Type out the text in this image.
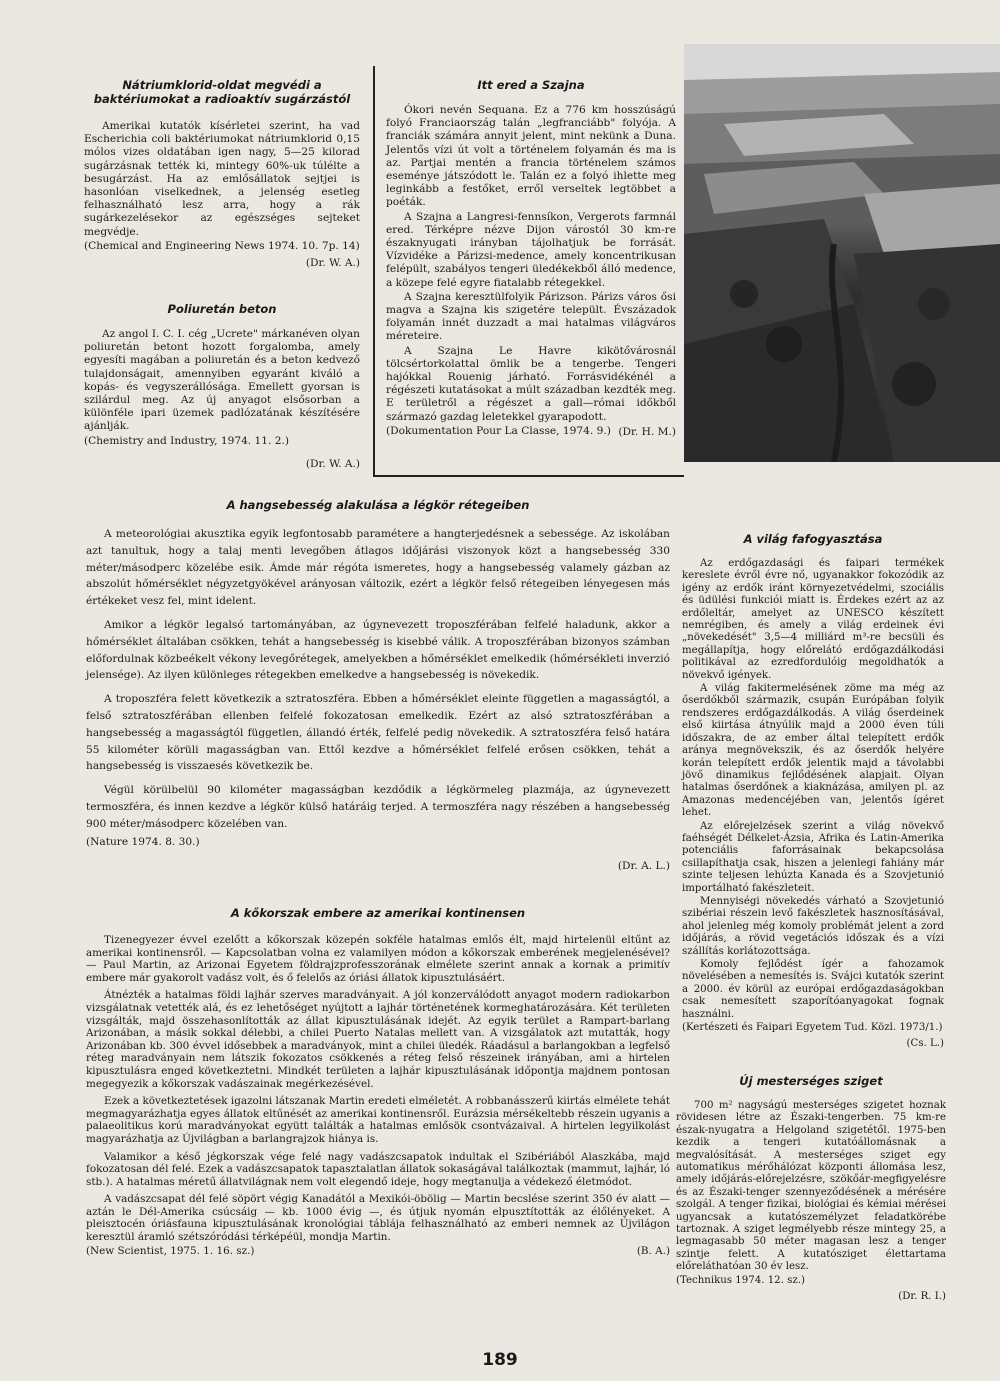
Nátriumklorid-oldat megvédi a baktériumokat a radioaktív sugárzástól

Amerikai kutatók kísérletei szerint, ha vad Escherichia coli baktériumokat nátriumklorid 0,15 mólos vizes oldatában igen nagy, 5—25 kilorad sugárzásnak tették ki, mintegy 60%-uk túlélte a besugárzást. Ha az emlősállatok sejtjei is hasonlóan viselkednek, a jelenség esetleg felhasználható lesz arra, hogy a rák sugárkezelésekor az egészséges sejteket megvédje.

(Chemical and Engineering News 1974. 10. 7p. 14)

(Dr. W. A.)
Poliuretán beton

Az angol I. C. I. cég „Ucrete" márkanéven olyan poliuretán betont hozott forgalomba, amely egyesíti magában a poliuretán és a beton kedvező tulajdonságait, amennyiben egyaránt kiváló a kopás- és vegyszerállósága. Emellett gyorsan is szilárdul meg. Az új anyagot elsősorban a különféle ipari üzemek padlózatának készítésére ajánlják.

(Chemistry and Industry, 1974. 11. 2.)

(Dr. W. A.)
Itt ered a Szajna

Ókori nevén Sequana. Ez a 776 km hosszúságú folyó Franciaország talán „legfranciább" folyója. A franciák számára annyit jelent, mint nekünk a Duna. Jelentős vízi út volt a történelem folyamán és ma is az. Partjai mentén a francia történelem számos eseménye játszódott le. Talán ez a folyó ihlette meg leginkább a festőket, erről verseltek legtöbbet a poéták.

A Szajna a Langresi-fennsíkon, Vergerots farmnál ered. Térképre nézve Dijon várostól 30 km-re északnyugati irányban tájolhatjuk be forrását. Vízvidéke a Párizsi-medence, amely koncentrikusan felépült, szabályos tengeri üledékekből álló medence, a közepe felé egyre fiatalabb rétegekkel.

A Szajna keresztülfolyik Párizson. Párizs város ősi magva a Szajna kis szigetére települt. Évszázadok folyamán innét duzzadt a mai hatalmas világváros méreteire.

A Szajna Le Havre kikötővárosnál tölcsértorkolattal ömlik be a tengerbe. Tengeri hajókkal Rouenig járható. Forrásvidékénél a régészeti kutatásokat a múlt században kezdték meg. E területről a régészet a gall—római időkből származó gazdag leletekkel gyarapodott.

(Dokumentation Pour La Classe, 1974. 9.) (Dr. H. M.)
A hangsebesség alakulása a légkör rétegeiben

A meteorológiai akusztika egyik legfontosabb paramétere a hangterjedésnek a sebessége. Az iskolában azt tanultuk, hogy a talaj menti levegőben átlagos időjárási viszonyok közt a hangsebesség 330 méter/másodperc közelébe esik. Ámde már régóta ismeretes, hogy a hangsebesség valamely gázban az abszolút hőmérséklet négyzetgyökével arányosan változik, ezért a légkör felső rétegeiben lényegesen más értékeket vesz fel, mint idelent.

Amikor a légkör legalsó tartományában, az úgynevezett troposzférában felfelé haladunk, akkor a hőmérséklet általában csökken, tehát a hangsebesség is kisebbé válik. A troposzférában bizonyos számban előfordulnak közbeékelt vékony levegőrétegek, amelyekben a hőmérséklet emelkedik (hőmérsékleti inverzió jelensége). Az ilyen különleges rétegekben emelkedve a hangsebesség is növekedik.

A troposzféra felett következik a sztratoszféra. Ebben a hőmérséklet eleinte független a magasságtól, a felső sztratoszférában ellenben felfelé fokozatosan emelkedik. Ezért az alsó sztratoszférában a hangsebesség a magasságtól független, állandó érték, felfelé pedig növekedik. A sztratoszféra felső határa 55 kilométer körüli magasságban van. Ettől kezdve a hőmérséklet felfelé erősen csökken, tehát a hangsebesség is visszaesés következik be.

Végül körülbelül 90 kilométer magasságban kezdődik a légkörmeleg plazmája, az úgynevezett termoszféra, és innen kezdve a légkör külső határáig terjed. A termoszféra nagy részében a hangsebesség 900 méter/másodperc közelében van.

(Nature 1974. 8. 30.)

(Dr. A. L.)
A kőkorszak embere az amerikai kontinensen

Tizenegyezer évvel ezelőtt a kőkorszak közepén sokféle hatalmas emlős élt, majd hirtelenül eltűnt az amerikai kontinensről. — Kapcsolatban volna ez valamilyen módon a kőkorszak emberének megjelenésével? — Paul Martin, az Arizonai Egyetem földrajzprofesszorának elmélete szerint annak a kornak a primitív embere már gyakorolt vadász volt, és ő felelős az óriási állatok kipusztulásáért.

Átnézték a hatalmas földi lajhár szerves maradványait. A jól konzerválódott anyagot modern radiokarbon vizsgálatnak vetették alá, és ez lehetőséget nyújtott a lajhár történetének kormeghatározására. Két területen vizsgálták, majd összehasonlították az állat kipusztulásának idejét. Az egyik terület a Rampart-barlang Arizonában, a másik sokkal délebbi, a chilei Puerto Natalas mellett van. A vizsgálatok azt mutatták, hogy Arizonában kb. 300 évvel idősebbek a maradványok, mint a chilei üledék. Ráadásul a barlangokban a legfelső réteg maradványain nem látszik fokozatos csökkenés a réteg felső részeinek irányában, ami a hirtelen kipusztulásra enged következtetni. Mindkét területen a lajhár kipusztulásának időpontja majdnem pontosan megegyezik a kőkorszak vadászainak megérkezésével.

Ezek a következtetések igazolni látszanak Martin eredeti elméletét. A robbanásszerű kiirtás elmélete tehát megmagyarázhatja egyes állatok eltűnését az amerikai kontinensről. Eurázsia mérsékeltebb részein ugyanis a palaeolitikus korú maradványokat együtt találták a hatalmas emlősök csontvázaival. A hirtelen legyilkolást magyarázhatja az Újvilágban a barlangrajzok hiánya is.

Valamikor a késő jégkorszak vége felé nagy vadászcsapatok indultak el Szibériából Alaszkába, majd fokozatosan dél felé. Ezek a vadászcsapatok tapasztalatlan állatok sokaságával találkoztak (mammut, lajhár, ló stb.). A hatalmas méretű állatvilágnak nem volt elegendő ideje, hogy megtanulja a védekező életmódot.

A vadászcsapat dél felé söpört végig Kanadától a Mexikói-öbölig — Martin becslése szerint 350 év alatt — aztán le Dél-Amerika csúcsáig — kb. 1000 évig —, és útjuk nyomán elpusztították az élőlényeket. A pleisztocén óriásfauna kipusztulásának kronológiai táblája felhasználható az emberi nemnek az Újvilágon keresztül áramló szétszóródási térképéül, mondja Martin.

(New Scientist, 1975. 1. 16. sz.)	(B. A.)
A világ fafogyasztása

Az erdőgazdasági és faipari termékek kereslete évről évre nő, ugyanakkor fokozódik az igény az erdők iránt környezetvédelmi, szociális és üdülési funkciói miatt is. Érdekes ezért az az erdőleltár, amelyet az UNESCO készített nemrégiben, és amely a világ erdeinek évi „növekedését" 3,5—4 milliárd m³-re becsüli és megállapítja, hogy előrelátó erdőgazdálkodási politikával az ezredfordulóig megoldhatók a növekvő igények.

A világ fakitermelésének zöme ma még az őserdőkből származik, csupán Európában folyik rendszeres erdőgazdálkodás. A világ őserdeinek első kiirtása átnyúlik majd a 2000 éven túli időszakra, de az ember által telepített erdők aránya megnövekszik, és az őserdők helyére korán telepített erdők jelentik majd a távolabbi jövő dinamikus fejlődésének alapjait. Olyan hatalmas őserdőnek a kiaknázása, amilyen pl. az Amazonas medencéjében van, jelentős ígéret lehet.

Az előrejelzések szerint a világ növekvő faéhségét Délkelet-Ázsia, Afrika és Latin-Amerika potenciális faforrásainak bekapcsolása csillapíthatja csak, hiszen a jelenlegi fahiány már szinte teljesen lehúzta Kanada és a Szovjetunió importálható fakészleteit.

Mennyiségi növekedés várható a Szovjetunió szibériai részein levő fakészletek hasznosításával, ahol jelenleg még komoly problémát jelent a zord időjárás, a rövid vegetációs időszak és a vízi szállítás korlátozottsága.

Komoly fejlődést ígér a fahozamok növelésében a nemesítés is. Svájci kutatók szerint a 2000. év körül az európai erdőgazdaságokban csak nemesített szaporítóanyagokat fognak használni.

(Kertészeti és Faipari Egyetem Tud. Közl. 1973/1.)

(Cs. L.)
Új mesterséges sziget

700 m² nagyságú mesterséges szigetet hoznak rövidesen létre az Északi-tengerben. 75 km-re észak-nyugatra a Helgoland szigetétől. 1975-ben kezdik a tengeri kutatóállomásnak a megvalósítását. A mesterséges sziget egy automatikus mérőhálózat központi állomása lesz, amely időjárás-előrejelzésre, szökőár-megfigyelésre és az Északi-tenger szennyeződésének a mérésére szolgál. A tenger fizikai, biológiai és kémiai mérései ugyancsak a kutatószemélyzet feladatkörébe tartoznak. A sziget legmélyebb része mintegy 25, a legmagasabb 50 méter magasan lesz a tenger szintje felett. A kutatósziget élettartama előreláthatóan 30 év lesz.

(Technikus 1974. 12. sz.)

(Dr. R. I.)
189
